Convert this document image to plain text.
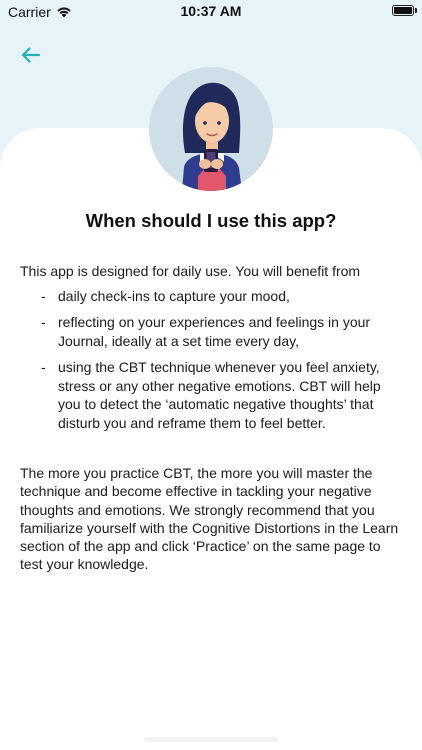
Carrier	10:37 AM
When should I use this app?

This app is designed for daily use. You will benefit from

- daily check-ins to capture your mood,
- reflecting on your experiences and feelings in your Journal, ideally at a set time every day,
- using the CBT technique whenever you feel anxiety, stress or any other negative emotions. CBT will help you to detect the ‘automatic negative thoughts’ that disturb you and reframe them to feel better.

The more you practice CBT, the more you will master the technique and become effective in tackling your negative thoughts and emotions. We strongly recommend that you familiarize yourself with the Cognitive Distortions in the Learn section of the app and click ‘Practice’ on the same page to test your knowledge.
